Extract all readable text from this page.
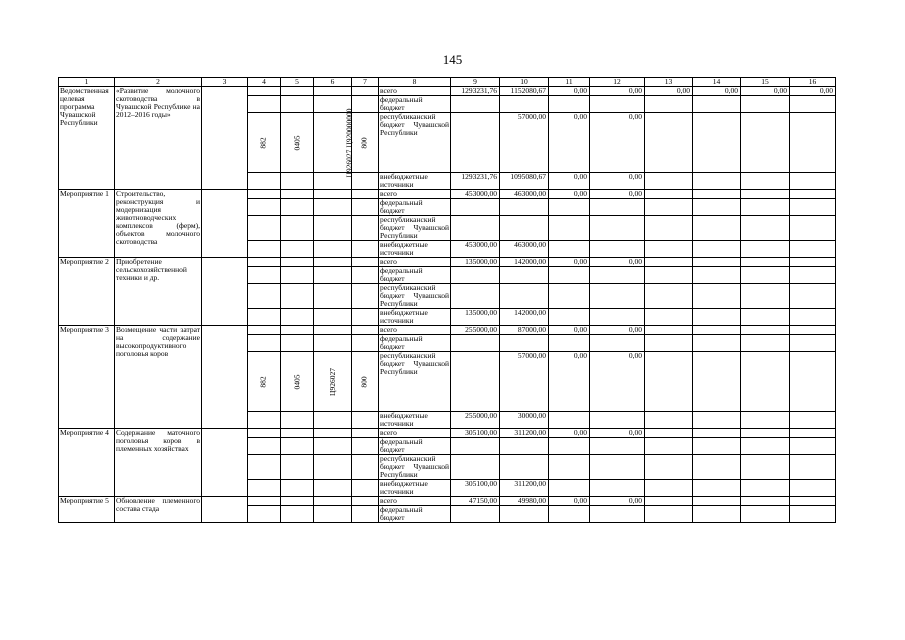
145
1	2	3	4	5	6	7	8	9	10	11	12	13	14	15	16
Ведомственная целевая программа Чувашской Республики	«Развитие молочного скотоводства в Чувашской Республике на 2012–2016 годы»						всего	1293231,76	1152080,67	0,00	0,00	0,00	0,00	0,00	0,00
							федеральный бюджет								
			882	0405	Ц926027 Ц920000000	800	республиканский бюджет Чувашской Республики		57000,00	0,00	0,00				
							внебюджетные источники	1293231,76	1095080,67	0,00	0,00				
Мероприятие 1	Строительство, реконструкция и модернизация животноводческих комплексов (ферм), объектов молочного скотоводства						всего	453000,00	463000,00	0,00	0,00				
							федеральный бюджет								
							республиканский бюджет Чувашской Республики								
							внебюджетные источники	453000,00	463000,00						
Мероприятие 2	Приобретение сельскохозяйственной техники и др.						всего	135000,00	142000,00	0,00	0,00				
							федеральный бюджет								
							республиканский бюджет Чувашской Республики								
							внебюджетные источники	135000,00	142000,00						
Мероприятие 3	Возмещение части затрат на содержание высокопродуктивного поголовья коров						всего	255000,00	87000,00	0,00	0,00				
							федеральный бюджет								
			882	0405	Ц926027	800	республиканский бюджет Чувашской Республики		57000,00	0,00	0,00				
							внебюджетные источники	255000,00	30000,00						
Мероприятие 4	Содержание маточного поголовья коров в племенных хозяйствах						всего	305100,00	311200,00	0,00	0,00				
							федеральный бюджет								
							республиканский бюджет Чувашской Республики								
							внебюджетные источники	305100,00	311200,00						
Мероприятие 5	Обновление племенного состава стада						всего	47150,00	49980,00	0,00	0,00				
							федеральный бюджет								
